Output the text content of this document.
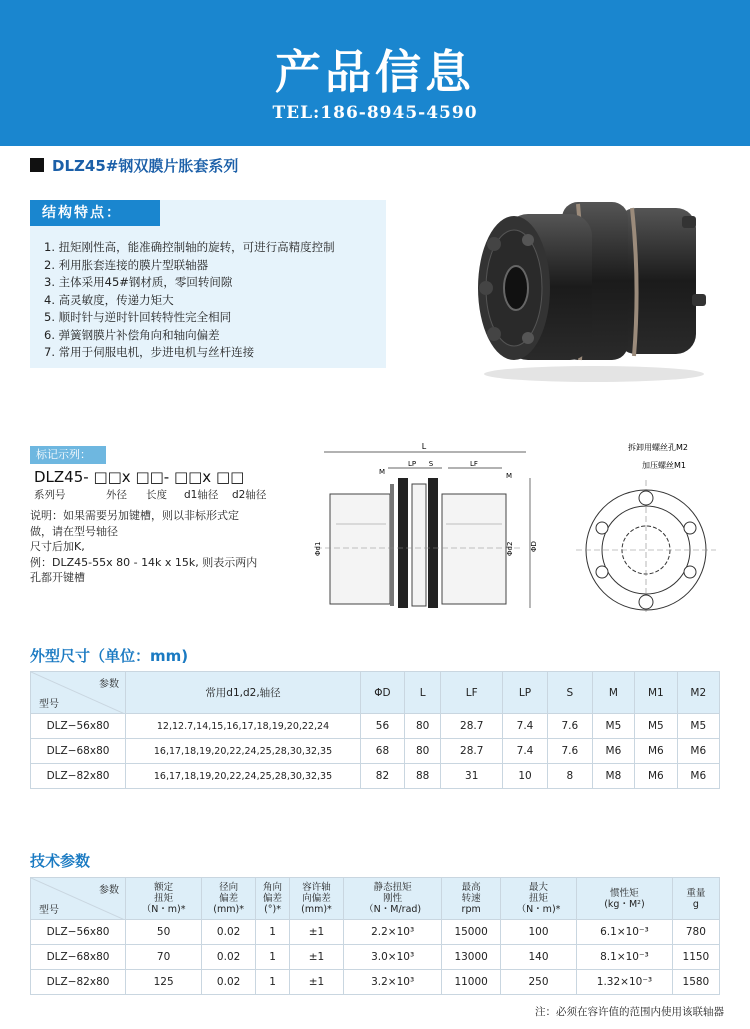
产品信息
TEL:186-8945-4590
DLZ45#钢双膜片胀套系列
结构特点：
1. 扭矩刚性高，能准确控制轴的旋转，可进行高精度控制
2. 利用胀套连接的膜片型联轴器
3. 主体采用45#钢材质，零回转间隙
4. 高灵敏度，传递力矩大
5. 顺时针与逆时针回转特性完全相同
6. 弹簧钢膜片补偿角向和轴向偏差
7. 常用于伺服电机，步进电机与丝杆连接
标记示列：
DLZ45- □□x □□- □□x □□
系列号	外径 长度 d1轴径 d2轴径
说明：如果需要另加键槽，则以非标形式定
做，请在型号轴径
尺寸后加K,
例：DLZ45-55x 80 - 14k x 15k, 则表示两内
孔都开键槽
L
LP S	LF
M	M
Φd1	Φd2 ΦD
拆卸用螺丝孔M2
加压螺丝M1
外型尺寸（单位：mm)
参数
型号	常用d1,d2,轴径	ΦD	L	LF	LP	S	M	M1	M2
DLZ−56x80	12,12.7,14,15,16,17,18,19,20,22,24	56	80	28.7	7.4	7.6	M5	M5	M5
DLZ−68x80	16,17,18,19,20,22,24,25,28,30,32,35	68	80	28.7	7.4	7.6	M6	M6	M6
DLZ−82x80	16,17,18,19,20,22,24,25,28,30,32,35	82	88	31	10	8	M8	M6	M6
技术参数
参数
型号	额定
扭矩
（N・m)*	径向
偏差
(mm)*	角向
偏差
(°)*	容许轴
向偏差
(mm)*	静态扭矩
刚性
（N・M/rad)	最高
转速
rpm	最大
扭矩
（N・m)*	惯性矩
(kg・M²)	重量
g
DLZ−56x80	50	0.02	1	±1	2.2×10³	15000	100	6.1×10⁻³	780
DLZ−68x80	70	0.02	1	±1	3.0×10³	13000	140	8.1×10⁻³	1150
DLZ−82x80	125	0.02	1	±1	3.2×10³	11000	250	1.32×10⁻³	1580
注：必须在容许值的范围内使用该联轴器
